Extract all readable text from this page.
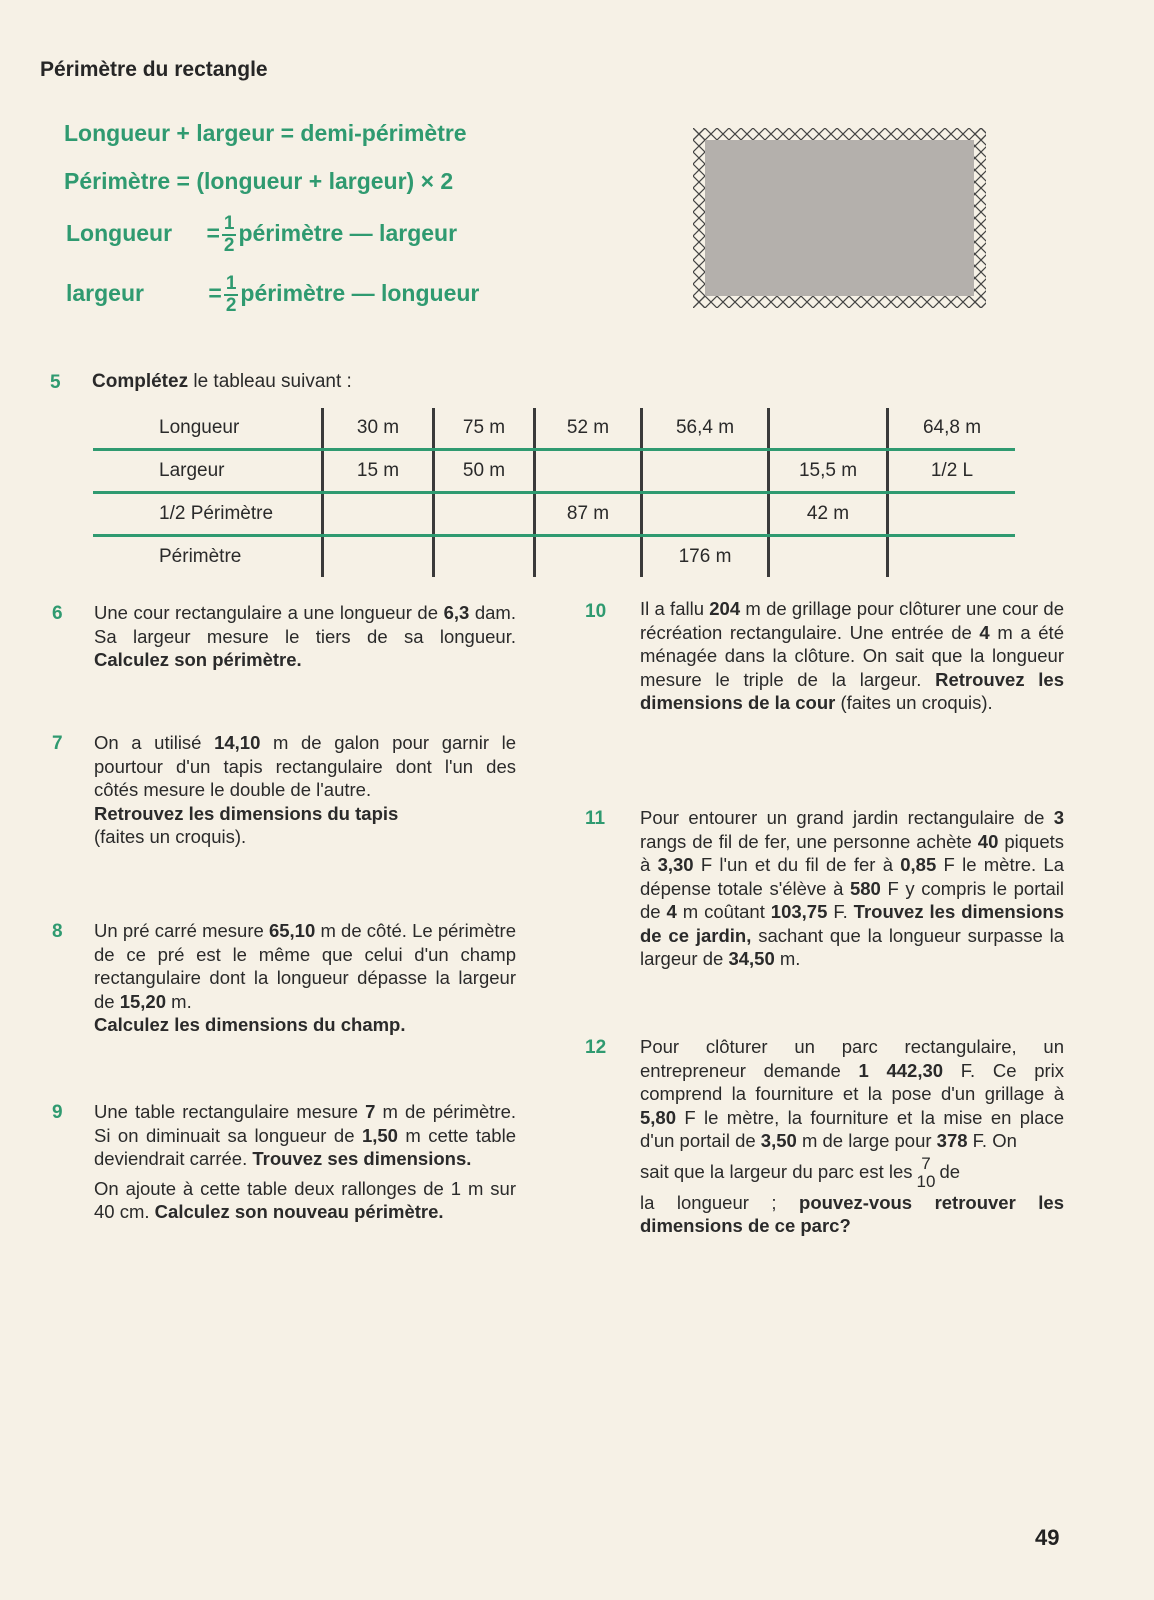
Périmètre du rectangle
Longueur + largeur = demi-périmètre
Périmètre = (longueur + largeur) × 2
Longueur = $\frac{1}{2}$ périmètre — largeur
largeur	= $\frac{1}{2}$ périmètre — longueur
5 Complétez le tableau suivant :
Longueur	30 m	75 m	52 m	56,4 m		64,8 m
Largeur	15 m	50 m			15,5 m	1/2 L
1/2 Périmètre			87 m		42 m	
Périmètre				176 m		
6 Une cour rectangulaire a une longueur de 6,3 dam. Sa largeur mesure le tiers de sa longueur. Calculez son périmètre.
7 On a utilisé 14,10 m de galon pour garnir le pourtour d'un tapis rectangulaire dont l'un des côtés mesure le double de l'autre.
Retrouvez les dimensions du tapis
(faites un croquis).
8 Un pré carré mesure 65,10 m de côté. Le périmètre de ce pré est le même que celui d'un champ rectangulaire dont la longueur dépasse la largeur de 15,20 m.
Calculez les dimensions du champ.
9 Une table rectangulaire mesure 7 m de périmètre. Si on diminuait sa longueur de 1,50 m cette table deviendrait carrée. Trouvez ses dimensions.
On ajoute à cette table deux rallonges de 1 m sur 40 cm. Calculez son nouveau périmètre.
10 Il a fallu 204 m de grillage pour clôturer une cour de récréation rectangulaire. Une entrée de 4 m a été ménagée dans la clôture. On sait que la longueur mesure le triple de la largeur. Retrouvez les dimensions de la cour (faites un croquis).
11 Pour entourer un grand jardin rectangulaire de 3 rangs de fil de fer, une personne achète 40 piquets à 3,30 F l'un et du fil de fer à 0,85 F le mètre. La dépense totale s'élève à 580 F y compris le portail de 4 m coûtant 103,75 F. Trouvez les dimensions de ce jardin, sachant que la longueur surpasse la largeur de 34,50 m.
12 Pour clôturer un parc rectangulaire, un entrepreneur demande 1 442,30 F. Ce prix comprend la fourniture et la pose d'un grillage à 5,80 F le mètre, la fourniture et la mise en place d'un portail de 3,50 m de large pour 378 F. On
sait que la largeur du parc est les 7
10 de
la longueur ; pouvez-vous retrouver les dimensions de ce parc?
49
